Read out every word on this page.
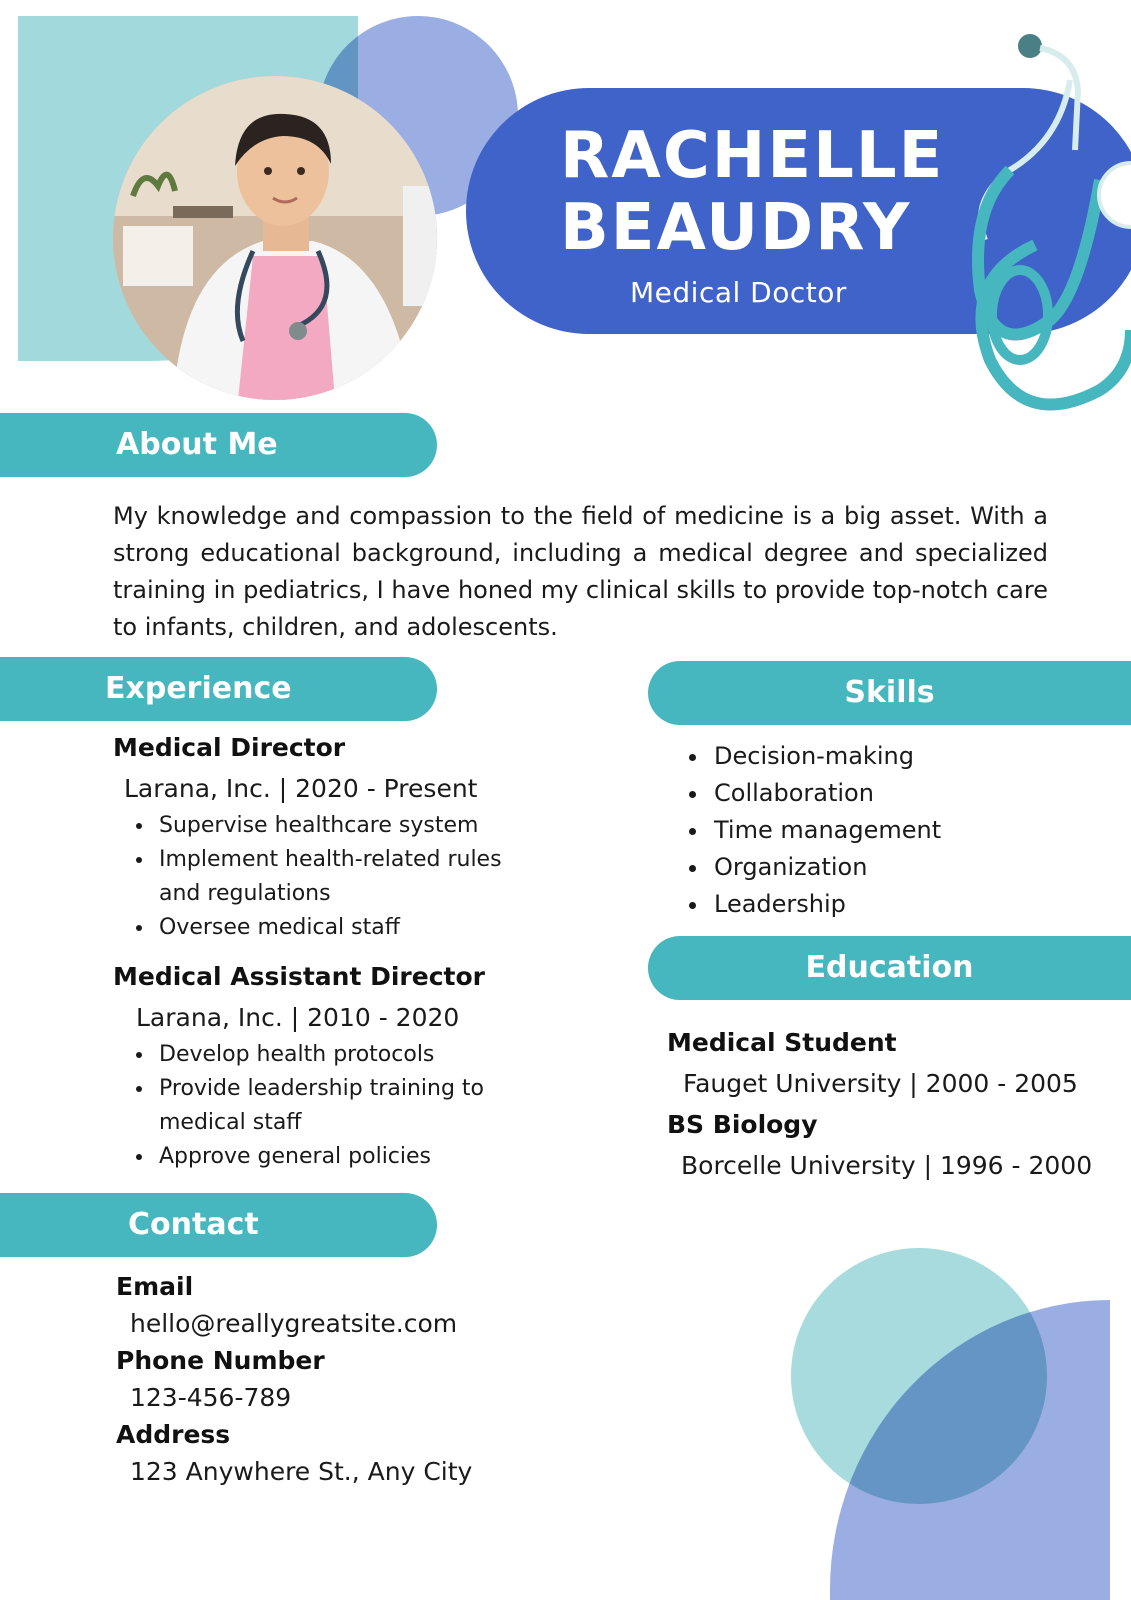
RACHELLE
BEAUDRY
Medical Doctor
About Me
My knowledge and compassion to the field of medicine is a big asset. With a strong educational background, including a medical degree and specialized training in pediatrics, I have honed my clinical skills to provide top-notch care to infants, children, and adolescents.
Experience
Medical Director
Larana, Inc. | 2020 - Present
• Supervise healthcare system
• Implement health-related rules and regulations
• Oversee medical staff
Medical Assistant Director
Larana, Inc. | 2010 - 2020
• Develop health protocols
• Provide leadership training to medical staff
• Approve general policies
Skills
• Decision-making
• Collaboration
• Time management
• Organization
• Leadership
Education
Medical Student
Fauget University | 2000 - 2005
BS Biology
Borcelle University | 1996 - 2000
Contact
Email
hello@reallygreatsite.com
Phone Number
123-456-789
Address
123 Anywhere St., Any City
